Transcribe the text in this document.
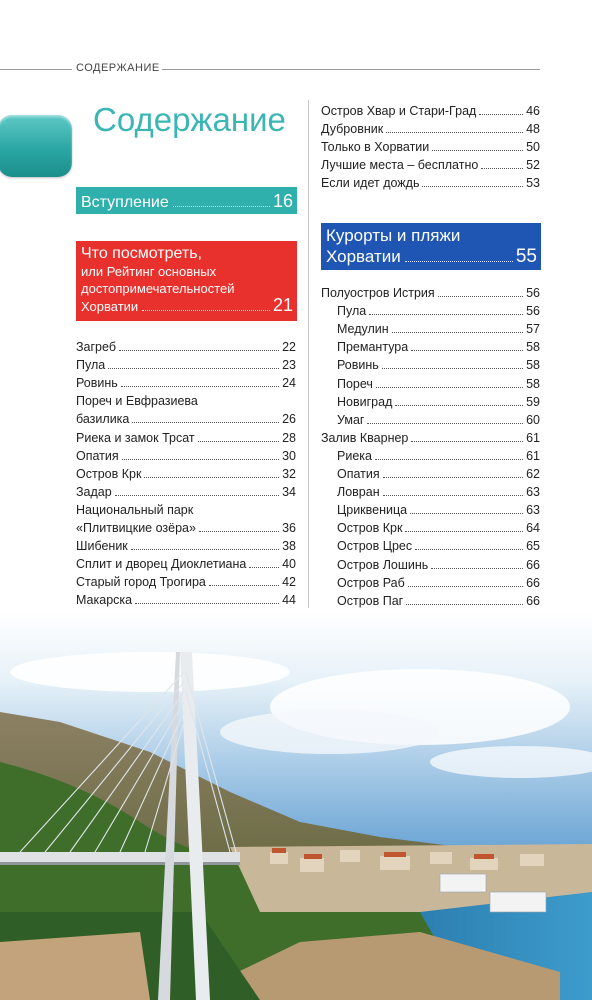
СОДЕРЖАНИЕ
Содержание
Вступление	16
Что посмотреть,
или Рейтинг основных
достопримечательностей
Хорватии	21
Загреб	22
Пула	23
Ровинь	24
Пореч и Евфразиева
базилика	26
Риека и замок Трсат	28
Опатия	30
Остров Крк	32
Задар	34
Национальный парк
«Плитвицкие озёра»	36
Шибеник	38
Сплит и дворец Диоклетиана	40
Старый город Трогира	42
Макарска	44
Остров Хвар и Стари-Град	46
Дубровник	48
Только в Хорватии	50
Лучшие места – бесплатно	52
Если идет дождь	53
Курорты и пляжи
Хорватии	55
Полуостров Истрия	56
Пула	56
Медулин	57
Премантура	58
Ровинь	58
Пореч	58
Новиград	59
Умаг	60
Залив Кварнер	61
Риека	61
Опатия	62
Ловран	63
Цриквеница	63
Остров Крк	64
Остров Црес	65
Остров Лошинь	66
Остров Раб	66
Остров Паг	66
